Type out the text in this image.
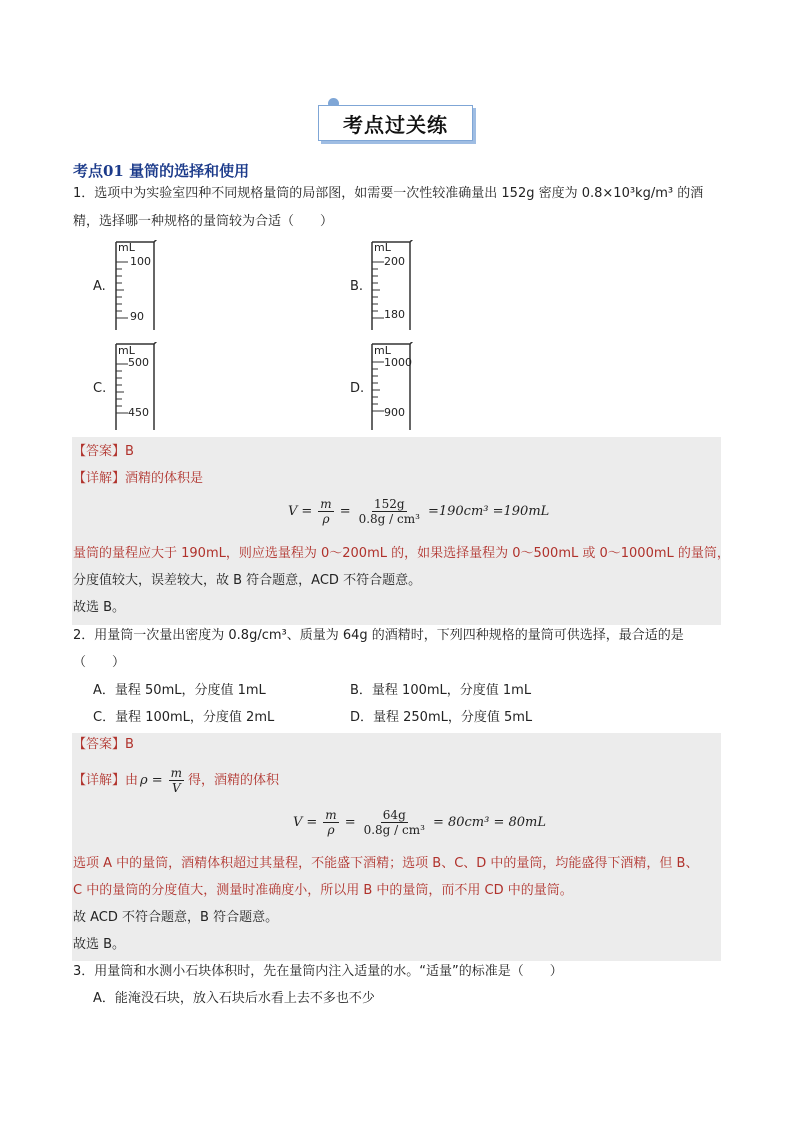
考点过关练
考点01 量筒的选择和使用
1．选项中为实验室四种不同规格量筒的局部图，如需要一次性较准确量出 152g 密度为 0.8×10³kg/m³ 的酒
精，选择哪一种规格的量筒较为合适（　　）
A.
mL
100
90
B.
mL
200
180
C.
mL
500
450
D.
mL
1000
900
【答案】B
【详解】酒精的体积是
$V = \frac{m}{\rho} = \frac{152g}{\text{0.8g / cm³}} =190cm^3 =190mL$
量筒的量程应大于 190mL，则应选量程为 0～200mL 的，如果选择量程为 0～500mL 或 0～1000mL 的量筒，
分度值较大，误差较大，故 B 符合题意，ACD 不符合题意。
故选 B。
2．用量筒一次量出密度为 0.8g/cm³、质量为 64g 的酒精时，下列四种规格的量筒可供选择，最合适的是
（　　）
A．量程 50mL，分度值 1mL	B．量程 100mL，分度值 1mL
C．量程 100mL，分度值 2mL	D．量程 250mL，分度值 5mL
【答案】B
【详解】 由 $\rho = \frac{m}{V}$ 得，酒精的体积
$V = \frac{m}{\rho} = \frac{64g}{\text{0.8g / cm³}} = 80cm^3 = 80mL$
选项 A 中的量筒，酒精体积超过其量程，不能盛下酒精；选项 B、C、D 中的量筒，均能盛得下酒精，但 B、
C 中的量筒的分度值大，测量时准确度小，所以用 B 中的量筒，而不用 CD 中的量筒。
故 ACD 不符合题意，B 符合题意。
故选 B。
3．用量筒和水测小石块体积时，先在量筒内注入适量的水。“适量”的标准是（　　）
A．能淹没石块，放入石块后水看上去不多也不少
